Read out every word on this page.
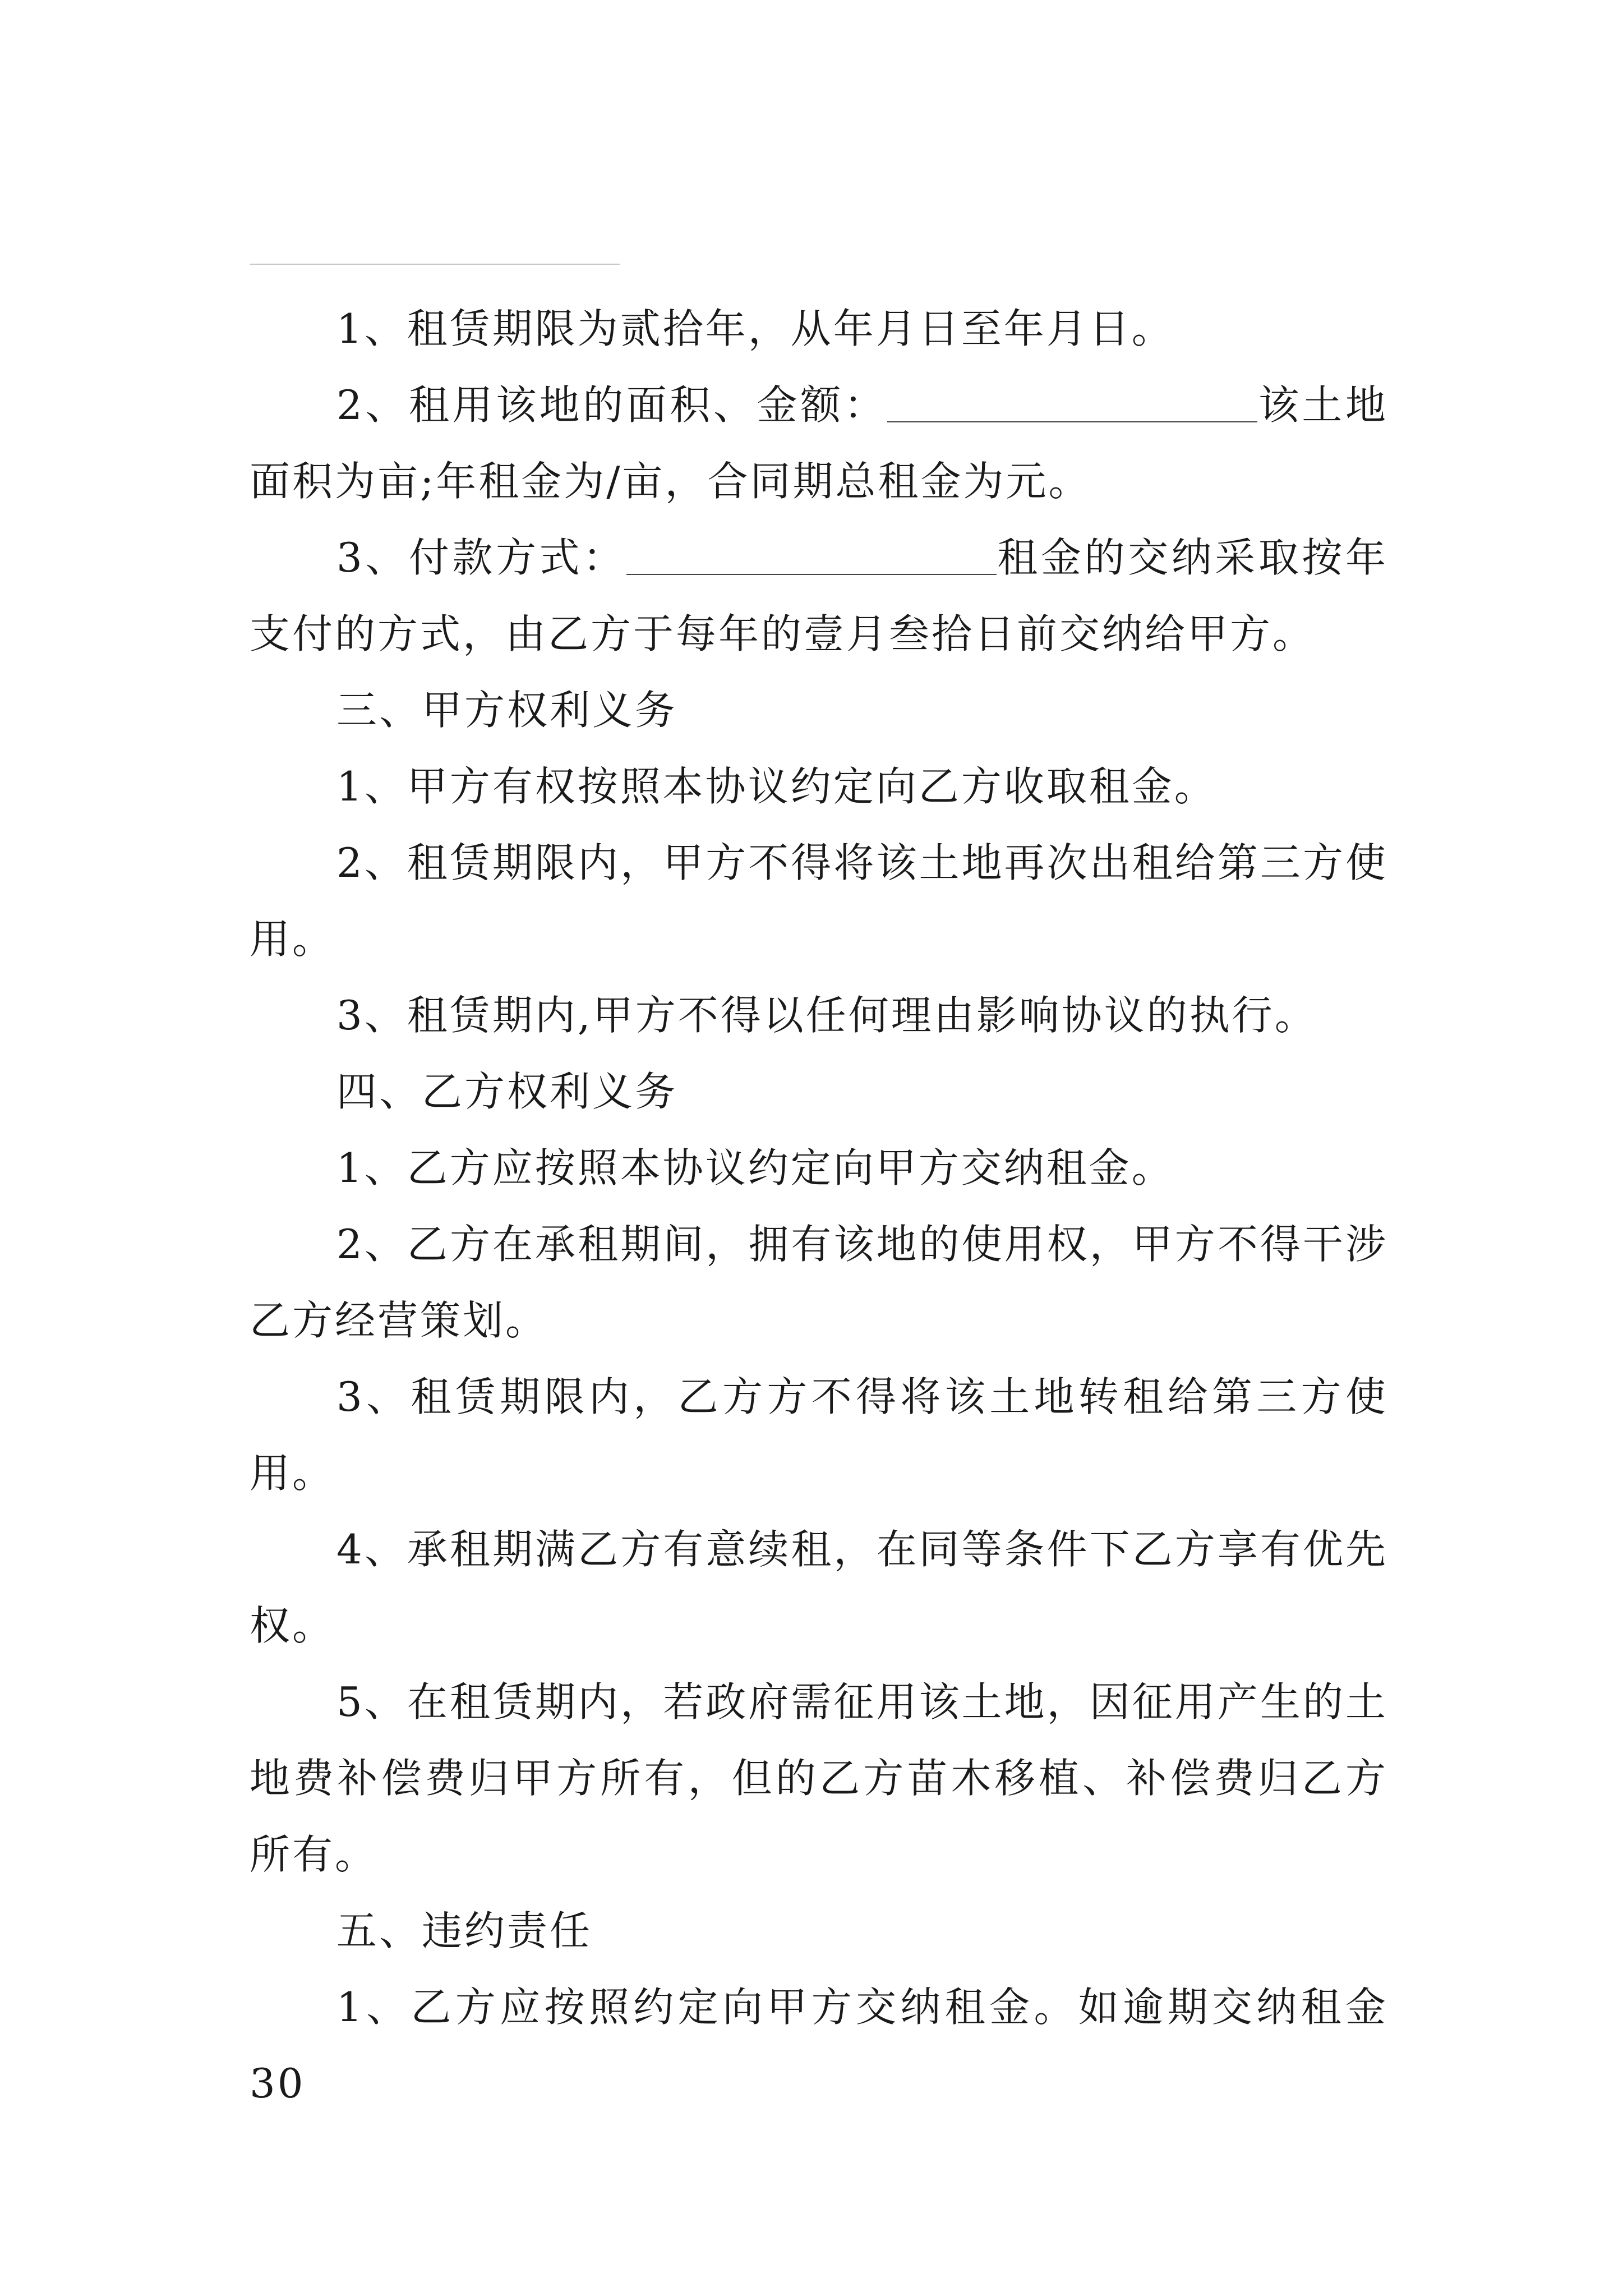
1、租赁期限为贰拾年，从年月日至年月日。

2、租用该地的面积、金额：	该土地面积为亩;年租金为/亩，合同期总租金为元。

3、付款方式：	租金的交纳采取按年支付的方式，由乙方于每年的壹月叁拾日前交纳给甲方。

三、甲方权利义务

1、甲方有权按照本协议约定向乙方收取租金。

2、租赁期限内，甲方不得将该土地再次出租给第三方使用。

3、租赁期内,甲方不得以任何理由影响协议的执行。

四、乙方权利义务

1、乙方应按照本协议约定向甲方交纳租金。

2、乙方在承租期间，拥有该地的使用权，甲方不得干涉乙方经营策划。

3、租赁期限内，乙方方不得将该土地转租给第三方使用。

4、承租期满乙方有意续租，在同等条件下乙方享有优先权。

5、在租赁期内，若政府需征用该土地，因征用产生的土地费补偿费归甲方所有，但的乙方苗木移植、补偿费归乙方所有。

五、违约责任

1、乙方应按照约定向甲方交纳租金。如逾期交纳租金30
